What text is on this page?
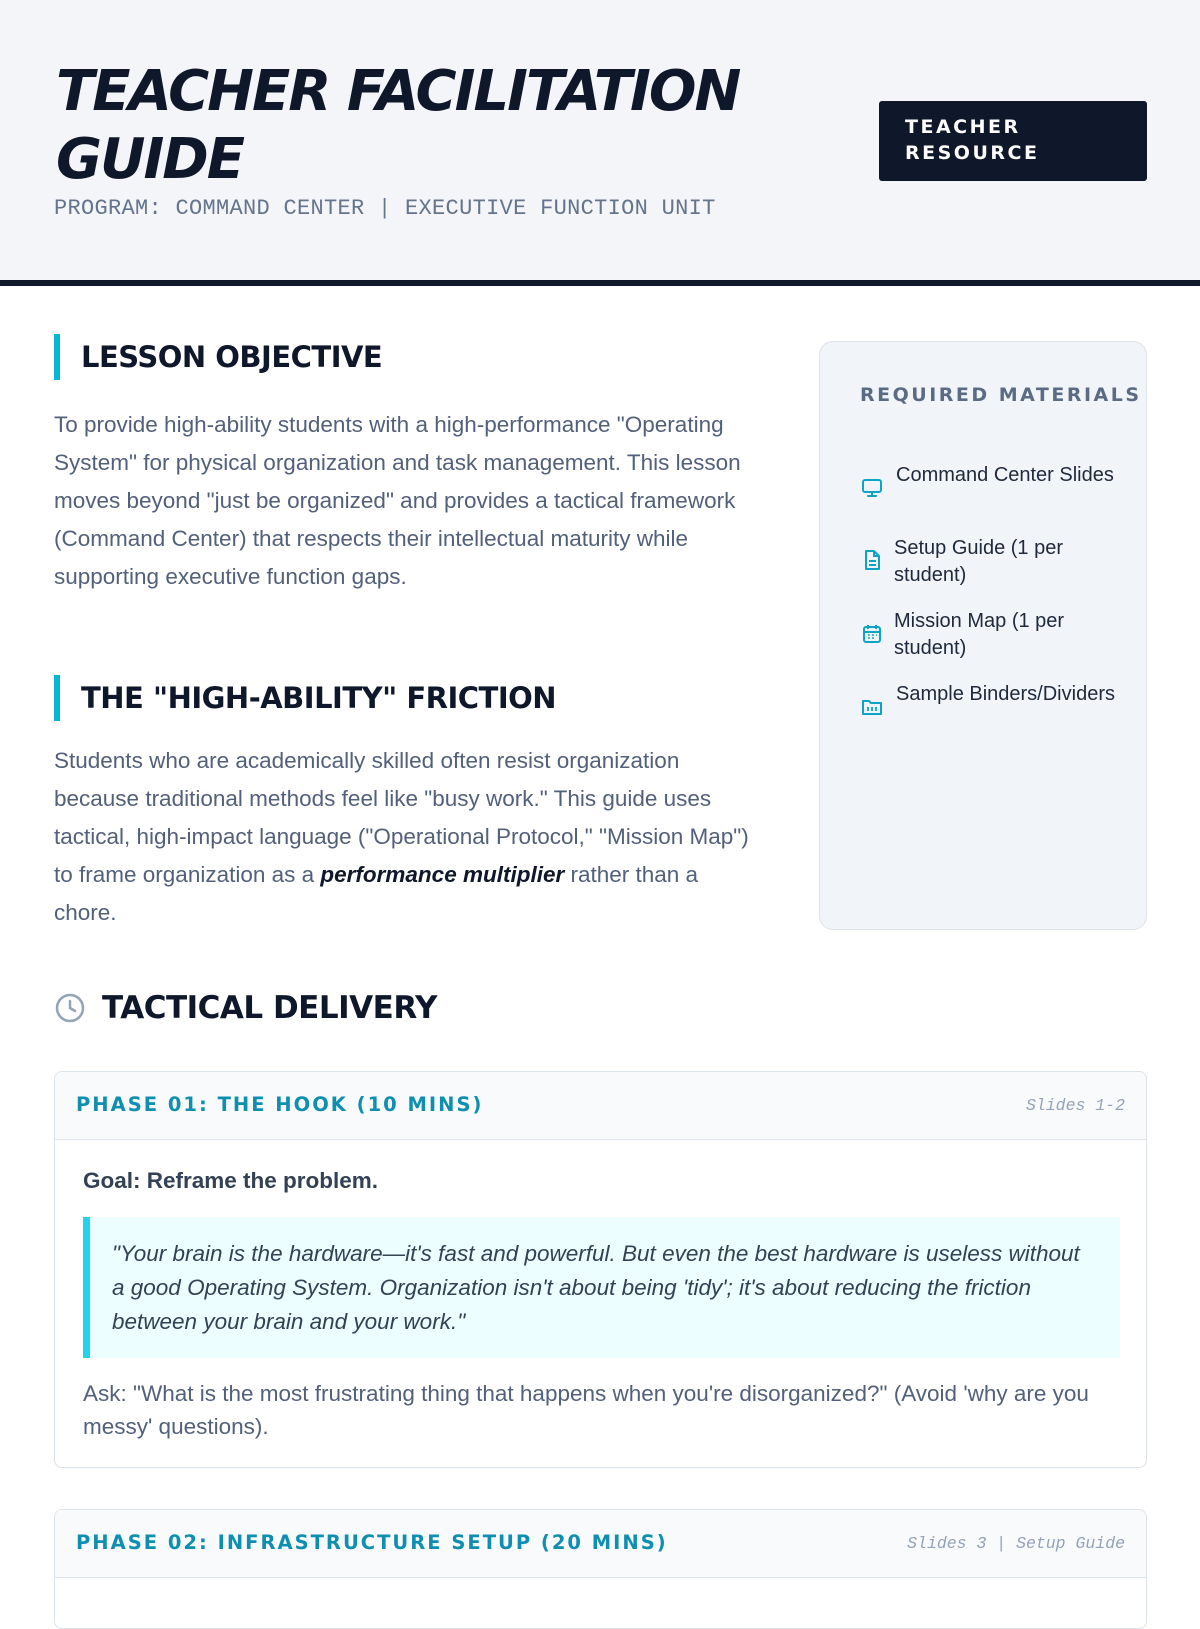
TEACHER FACILITATION GUIDE
PROGRAM: COMMAND CENTER | EXECUTIVE FUNCTION UNIT
TEACHER RESOURCE
LESSON OBJECTIVE
To provide high-ability students with a high-performance "Operating System" for physical organization and task management. This lesson moves beyond "just be organized" and provides a tactical framework (Command Center) that respects their intellectual maturity while supporting executive function gaps.
THE "HIGH-ABILITY" FRICTION
Students who are academically skilled often resist organization because traditional methods feel like "busy work." This guide uses tactical, high-impact language ("Operational Protocol," "Mission Map") to frame organization as a performance multiplier rather than a chore.
REQUIRED MATERIALS
Command Center Slides
Setup Guide (1 per student)
Mission Map (1 per student)
Sample Binders/Dividers
TACTICAL DELIVERY
PHASE 01: THE HOOK (10 MINS)	Slides 1-2
Goal: Reframe the problem.
"Your brain is the hardware—it's fast and powerful. But even the best hardware is useless without a good Operating System. Organization isn't about being 'tidy'; it's about reducing the friction between your brain and your work."
Ask: "What is the most frustrating thing that happens when you're disorganized?" (Avoid 'why are you messy' questions).
PHASE 02: INFRASTRUCTURE SETUP (20 MINS)	Slides 3 | Setup Guide
